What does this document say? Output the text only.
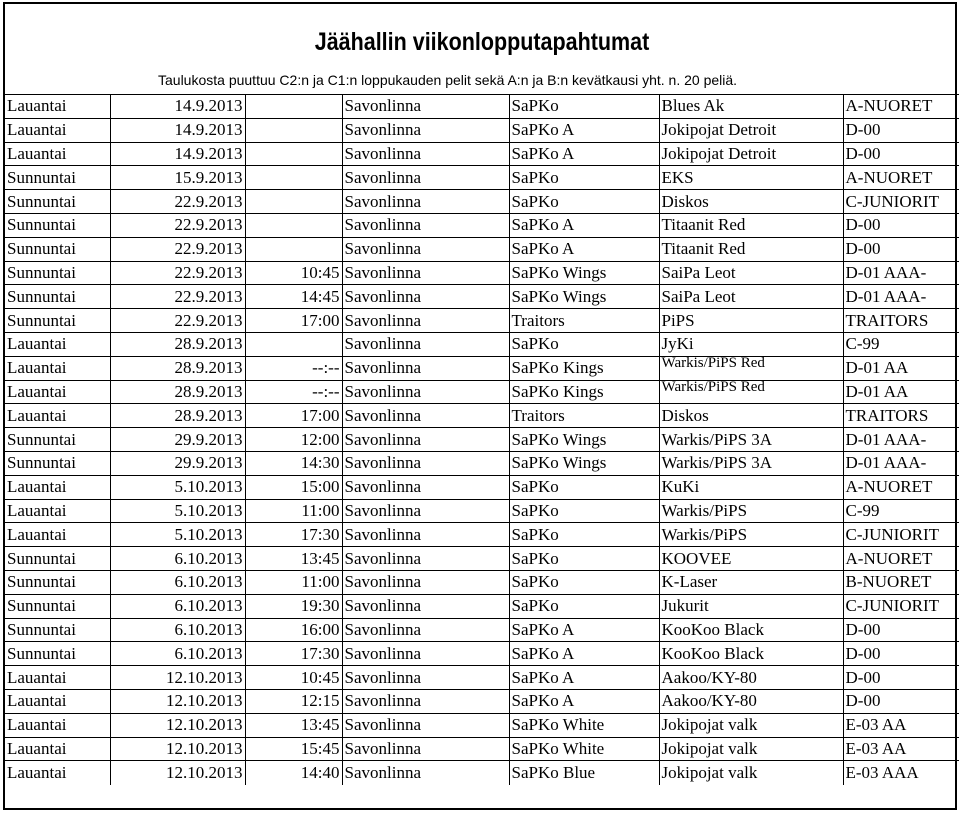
Jäähallin viikonlopputapahtumat
Taulukosta puuttuu C2:n ja C1:n loppukauden pelit sekä A:n ja B:n kevätkausi yht. n. 20 peliä.
Lauantai	14.9.2013		Savonlinna	SaPKo	Blues Ak	A-NUORET
Lauantai	14.9.2013		Savonlinna	SaPKo A	Jokipojat Detroit	D-00
Lauantai	14.9.2013		Savonlinna	SaPKo A	Jokipojat Detroit	D-00
Sunnuntai	15.9.2013		Savonlinna	SaPKo	EKS	A-NUORET
Sunnuntai	22.9.2013		Savonlinna	SaPKo	Diskos	C-JUNIORIT
Sunnuntai	22.9.2013		Savonlinna	SaPKo A	Titaanit Red	D-00
Sunnuntai	22.9.2013		Savonlinna	SaPKo A	Titaanit Red	D-00
Sunnuntai	22.9.2013	10:45	Savonlinna	SaPKo Wings	SaiPa Leot	D-01 AAA-
Sunnuntai	22.9.2013	14:45	Savonlinna	SaPKo Wings	SaiPa Leot	D-01 AAA-
Sunnuntai	22.9.2013	17:00	Savonlinna	Traitors	PiPS	TRAITORS
Lauantai	28.9.2013		Savonlinna	SaPKo	JyKi	C-99
Lauantai	28.9.2013	--:--	Savonlinna	SaPKo Kings	Warkis/PiPS Red	D-01 AA
Lauantai	28.9.2013	--:--	Savonlinna	SaPKo Kings	Warkis/PiPS Red	D-01 AA
Lauantai	28.9.2013	17:00	Savonlinna	Traitors	Diskos	TRAITORS
Sunnuntai	29.9.2013	12:00	Savonlinna	SaPKo Wings	Warkis/PiPS 3A	D-01 AAA-
Sunnuntai	29.9.2013	14:30	Savonlinna	SaPKo Wings	Warkis/PiPS 3A	D-01 AAA-
Lauantai	5.10.2013	15:00	Savonlinna	SaPKo	KuKi	A-NUORET
Lauantai	5.10.2013	11:00	Savonlinna	SaPKo	Warkis/PiPS	C-99
Lauantai	5.10.2013	17:30	Savonlinna	SaPKo	Warkis/PiPS	C-JUNIORIT
Sunnuntai	6.10.2013	13:45	Savonlinna	SaPKo	KOOVEE	A-NUORET
Sunnuntai	6.10.2013	11:00	Savonlinna	SaPKo	K-Laser	B-NUORET
Sunnuntai	6.10.2013	19:30	Savonlinna	SaPKo	Jukurit	C-JUNIORIT
Sunnuntai	6.10.2013	16:00	Savonlinna	SaPKo A	KooKoo Black	D-00
Sunnuntai	6.10.2013	17:30	Savonlinna	SaPKo A	KooKoo Black	D-00
Lauantai	12.10.2013	10:45	Savonlinna	SaPKo A	Aakoo/KY-80	D-00
Lauantai	12.10.2013	12:15	Savonlinna	SaPKo A	Aakoo/KY-80	D-00
Lauantai	12.10.2013	13:45	Savonlinna	SaPKo White	Jokipojat valk	E-03 AA
Lauantai	12.10.2013	15:45	Savonlinna	SaPKo White	Jokipojat valk	E-03 AA
Lauantai	12.10.2013	14:40	Savonlinna	SaPKo Blue	Jokipojat valk	E-03 AAA
